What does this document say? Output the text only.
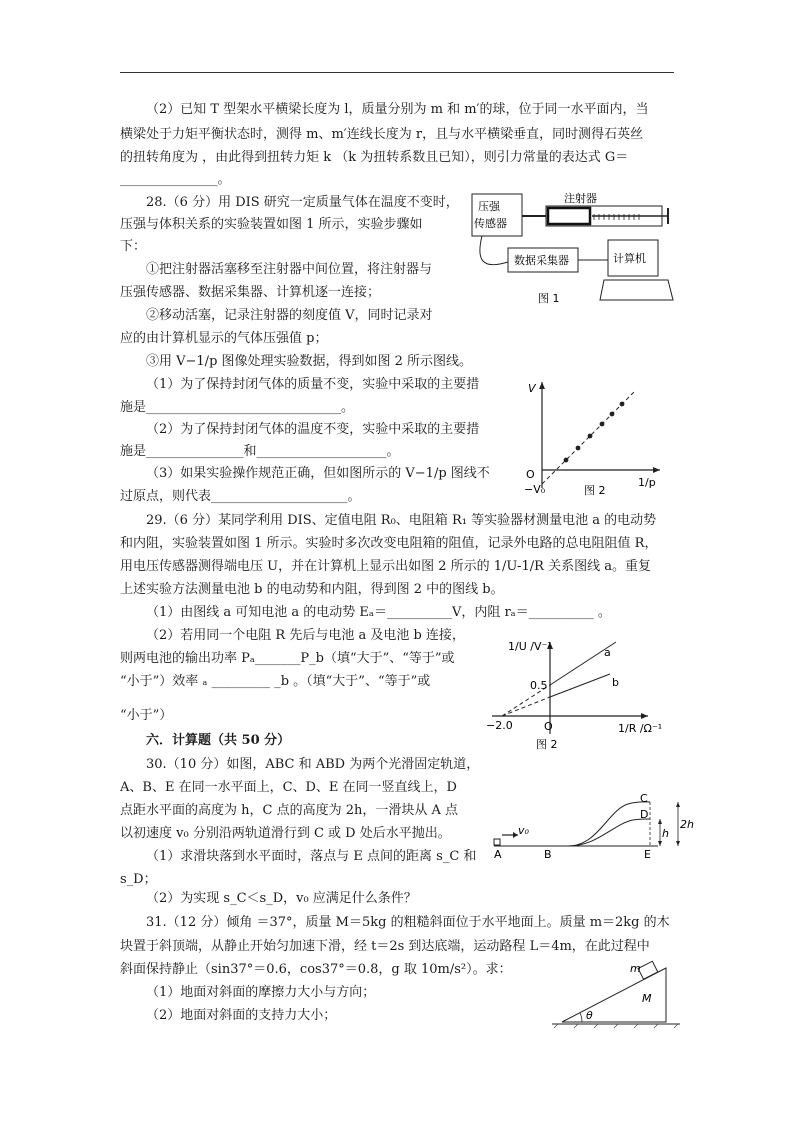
（2）已知 T 型架水平横梁长度为 l，质量分别为 m 和 m′的球，位于同一水平面内，当
横梁处于力矩平衡状态时，测得 m、m′连线长度为 r，且与水平横梁垂直，同时测得石英丝
的扭转角度为 ，由此得到扭转力矩 k （k 为扭转系数且已知），则引力常量的表达式 G＝
_______________。
28.（6 分）用 DIS 研究一定质量气体在温度不变时，
压强与体积关系的实验装置如图 1 所示，实验步骤如
下：
①把注射器活塞移至注射器中间位置，将注射器与
压强传感器、数据采集器、计算机逐一连接；
②移动活塞，记录注射器的刻度值 V，同时记录对
应的由计算机显示的气体压强值 p；
③用 V−1/p 图像处理实验数据，得到如图 2 所示图线。
（1）为了保持封闭气体的质量不变，实验中采取的主要措
施是______________________________。
（2）为了保持封闭气体的温度不变，实验中采取的主要措
施是_______________和____________________。
（3）如果实验操作规范正确，但如图所示的 V−1/p 图线不
过原点，则代表_____________________。
压强
传感器
注射器
数据采集器	计算机
图 1
V
1/p
O
−V₀	图 2
29.（6 分）某同学利用 DIS、定值电阻 R₀、电阻箱 R₁ 等实验器材测量电池 a 的电动势
和内阻，实验装置如图 1 所示。实验时多次改变电阻箱的阻值，记录外电路的总电阻阻值 R，
用电压传感器测得端电压 U，并在计算机上显示出如图 2 所示的 1/U-1/R 关系图线 a。重复
上述实验方法测量电池 b 的电动势和内阻，得到图 2 中的图线 b。
（1）由图线 a 可知电池 a 的电动势 Eₐ＝__________V，内阻 rₐ＝__________ 。
（2）若用同一个电阻 R 先后与电池 a 及电池 b 连接，
则两电池的输出功率 Pₐ_______P_b（填“大于”、“等于”或
“小于”）效率 ₐ _________ _b 。（填“大于”、“等于”或
“小于”）
1/U /V⁻¹
1/R /Ω⁻¹
0.5
−2.0	O
a
b
图 2
六．计算题（共 50 分）
30.（10 分）如图，ABC 和 ABD 为两个光滑固定轨道，
A、B、E 在同一水平面上，C、D、E 在同一竖直线上，D
点距水平面的高度为 h，C 点的高度为 2h，一滑块从 A 点
以初速度 v₀ 分别沿两轨道滑行到 C 或 D 处后水平抛出。
（1）求滑块落到水平面时，落点与 E 点间的距离 s_C 和
s_D；
（2）为实现 s_C＜s_D，v₀ 应满足什么条件？
v₀
C
D
h
2h
A	B	E
31.（12 分）倾角 ＝37°，质量 M＝5kg 的粗糙斜面位于水平地面上。质量 m＝2kg 的木
块置于斜顶端，从静止开始匀加速下滑，经 t＝2s 到达底端，运动路程 L＝4m，在此过程中
斜面保持静止（sin37°＝0.6，cos37°＝0.8，g 取 10m/s²）。求：
（1）地面对斜面的摩擦力大小与方向；
（2）地面对斜面的支持力大小；	θ
m
M
